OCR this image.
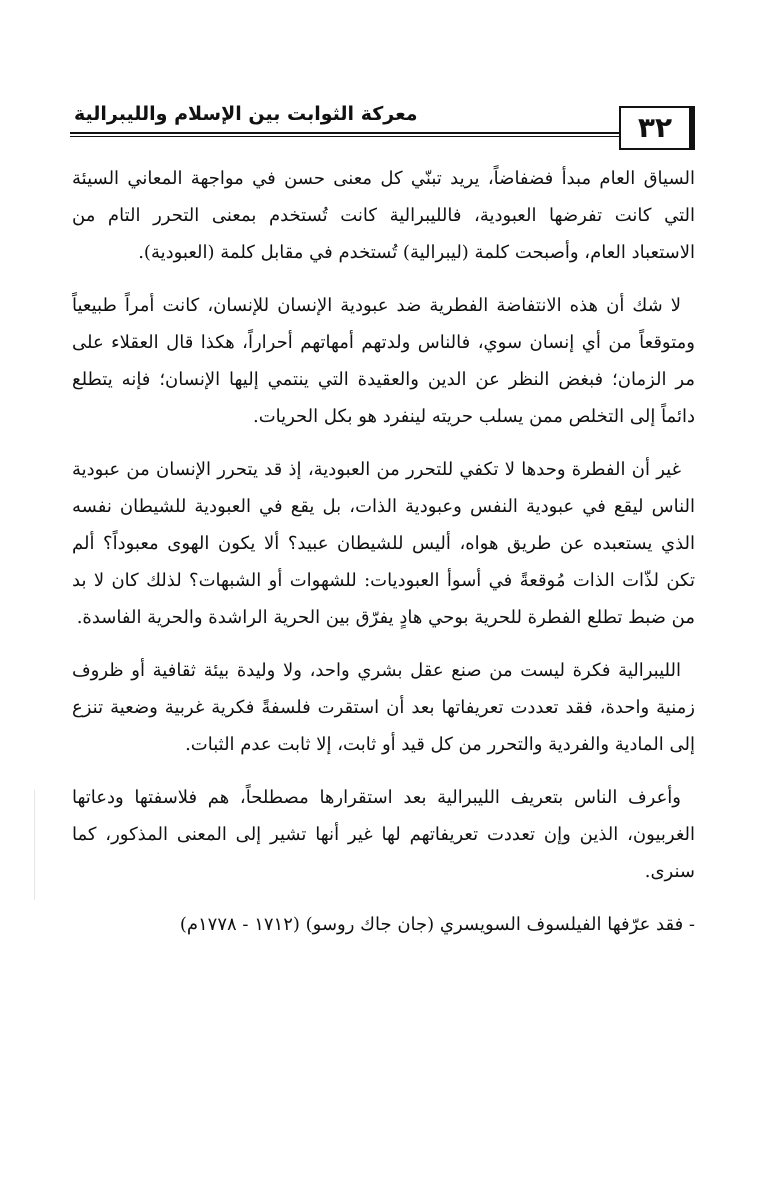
معركة الثوابت بين الإسلام والليبرالية	٣٢

السياق العام مبدأ فضفاضاً، يريد تبنّي كل معنى حسن في مواجهة المعاني السيئة التي كانت تفرضها العبودية، فالليبرالية كانت تُستخدم بمعنى التحرر التام من الاستعباد العام، وأصبحت كلمة (ليبرالية) تُستخدم في مقابل كلمة (العبودية).

لا شك أن هذه الانتفاضة الفطرية ضد عبودية الإنسان للإنسان، كانت أمراً طبيعياً ومتوقعاً من أي إنسان سوي، فالناس ولدتهم أمهاتهم أحراراً، هكذا قال العقلاء على مر الزمان؛ فبغض النظر عن الدين والعقيدة التي ينتمي إليها الإنسان؛ فإنه يتطلع دائماً إلى التخلص ممن يسلب حريته لينفرد هو بكل الحريات.

غير أن الفطرة وحدها لا تكفي للتحرر من العبودية، إذ قد يتحرر الإنسان من عبودية الناس ليقع في عبودية النفس وعبودية الذات، بل يقع في العبودية للشيطان نفسه الذي يستعبده عن طريق هواه، أليس للشيطان عبيد؟ ألا يكون الهوى معبوداً؟ ألم تكن لذّات الذات مُوقعةً في أسوأ العبوديات: للشهوات أو الشبهات؟ لذلك كان لا بد من ضبط تطلع الفطرة للحرية بوحي هادٍ يفرّق بين الحرية الراشدة والحرية الفاسدة.

الليبرالية فكرة ليست من صنع عقل بشري واحد، ولا وليدة بيئة ثقافية أو ظروف زمنية واحدة، فقد تعددت تعريفاتها بعد أن استقرت فلسفةً فكرية غربية وضعية تنزع إلى المادية والفردية والتحرر من كل قيد أو ثابت، إلا ثابت عدم الثبات.

وأعرف الناس بتعريف الليبرالية بعد استقرارها مصطلحاً، هم فلاسفتها ودعاتها الغربيون، الذين وإن تعددت تعريفاتهم لها غير أنها تشير إلى المعنى المذكور، كما سنرى.

- فقد عرّفها الفيلسوف السويسري (جان جاك روسو) (١٧١٢ - ١٧٧٨م)
